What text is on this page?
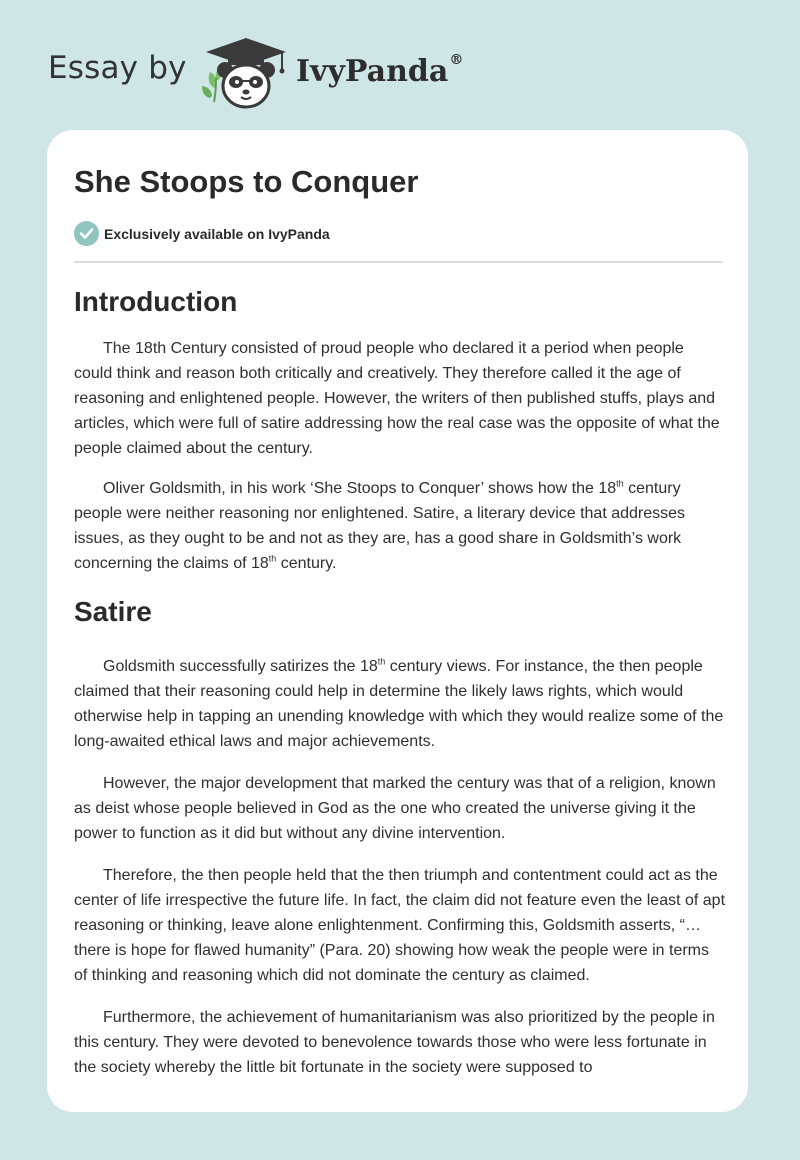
Essay by	IvyPanda®
She Stoops to Conquer
Exclusively available on IvyPanda
Introduction

The 18th Century consisted of proud people who declared it a period when people could think and reason both critically and creatively. They therefore called it the age of reasoning and enlightened people. However, the writers of then published stuffs, plays and articles, which were full of satire addressing how the real case was the opposite of what the people claimed about the century.

Oliver Goldsmith, in his work ‘She Stoops to Conquer’ shows how the 18th century people were neither reasoning nor enlightened. Satire, a literary device that addresses issues, as they ought to be and not as they are, has a good share in Goldsmith’s work concerning the claims of 18th century.

Satire

Goldsmith successfully satirizes the 18th century views. For instance, the then people claimed that their reasoning could help in determine the likely laws rights, which would otherwise help in tapping an unending knowledge with which they would realize some of the long-awaited ethical laws and major achievements.

However, the major development that marked the century was that of a religion, known as deist whose people believed in God as the one who created the universe giving it the power to function as it did but without any divine intervention.

Therefore, the then people held that the then triumph and contentment could act as the center of life irrespective the future life. In fact, the claim did not feature even the least of apt reasoning or thinking, leave alone enlightenment. Confirming this, Goldsmith asserts, “…there is hope for flawed humanity” (Para. 20) showing how weak the people were in terms of thinking and reasoning which did not dominate the century as claimed.

Furthermore, the achievement of humanitarianism was also prioritized by the people in this century. They were devoted to benevolence towards those who were less fortunate in the society whereby the little bit fortunate in the society were supposed to
